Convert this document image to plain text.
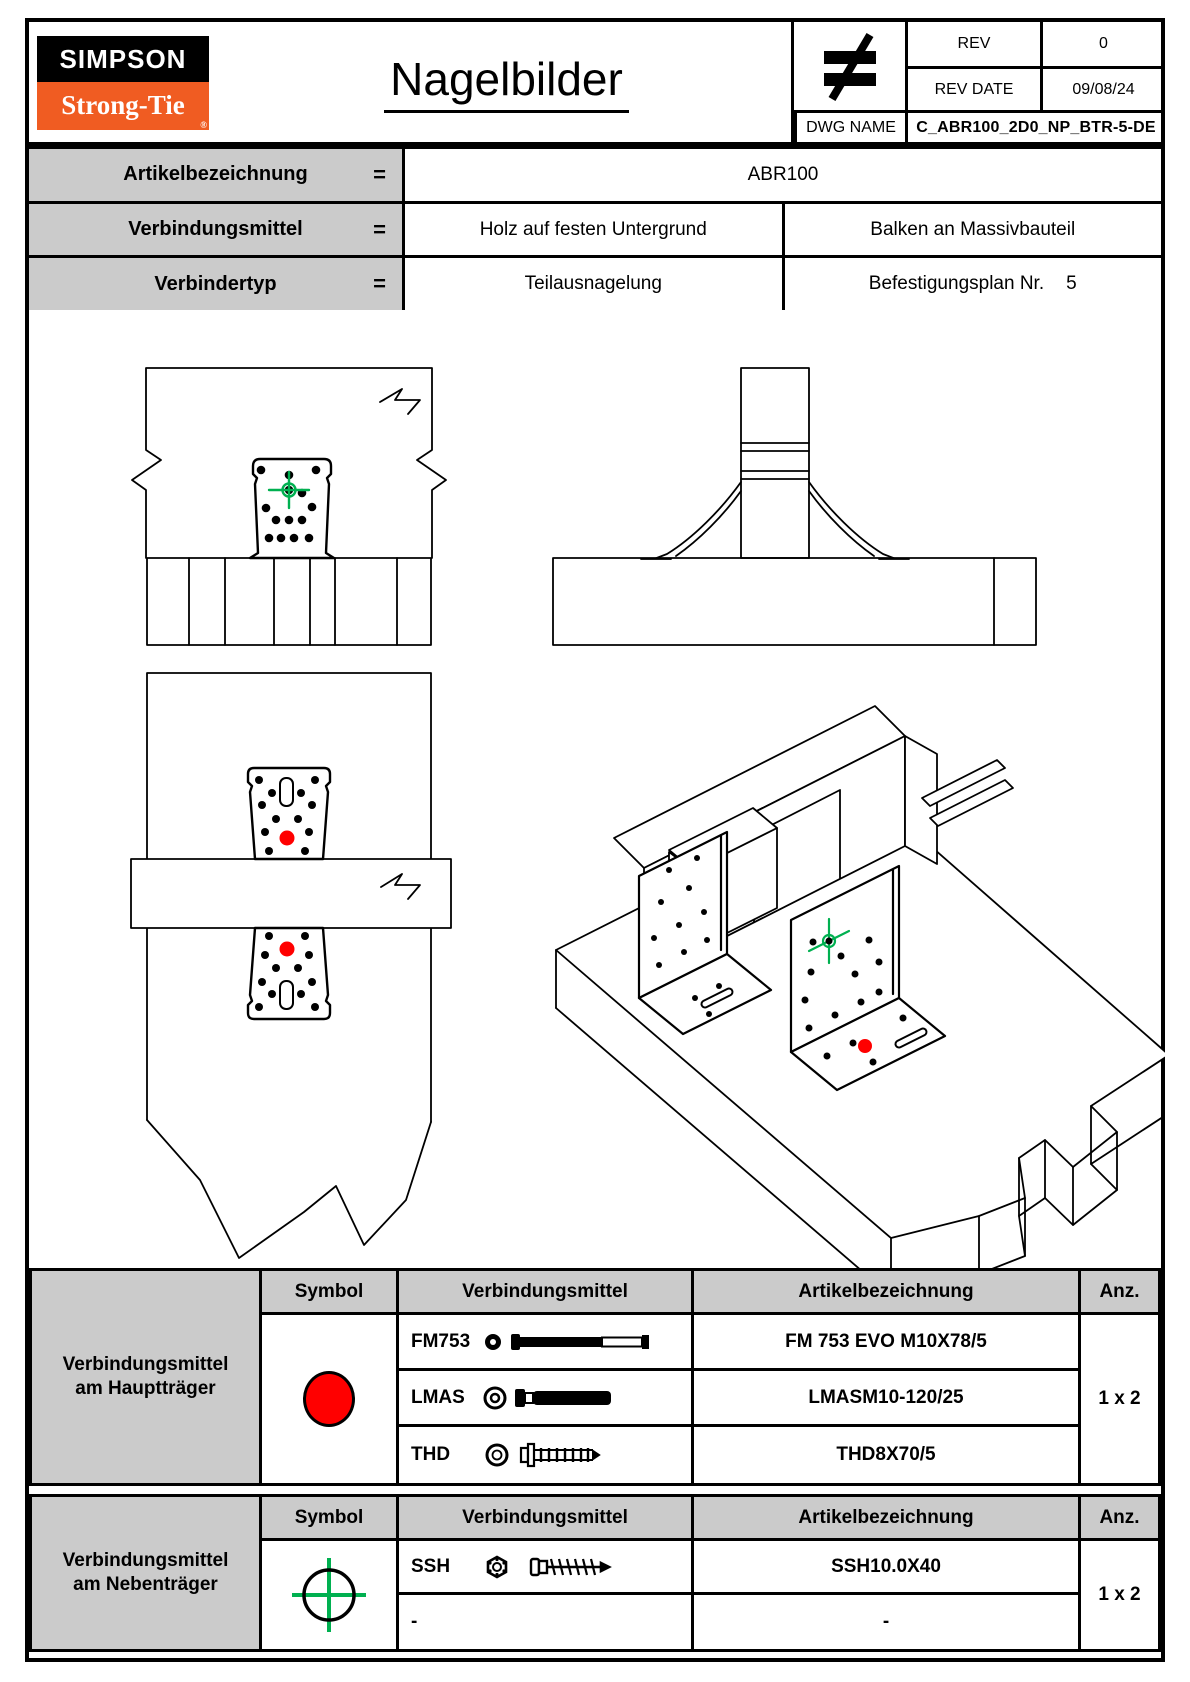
SIMPSON
Strong-Tie
®
Nagelbilder
REV	0
REV DATE	09/08/24
DWG NAME	C_ABR100_2D0_NP_BTR-5-DE
Artikelbezeichnung	=	ABR100
Verbindungsmittel	=	Holz auf festen Untergrund	Balken an Massivbauteil
Verbindertyp	=	Teilausnagelung	Befestigungsplan Nr. 5
Verbindungsmittel am Hauptträger
Symbol	Verbindungsmittel	Artikelbezeichnung	Anz.
FM753	FM 753 EVO M10X78/5
LMAS	LMASM10-120/25
THD	THD8X70/5
1 x 2
Verbindungsmittel am Nebenträger
Symbol	Verbindungsmittel	Artikelbezeichnung	Anz.
SSH	SSH10.0X40
-	-
1 x 2
